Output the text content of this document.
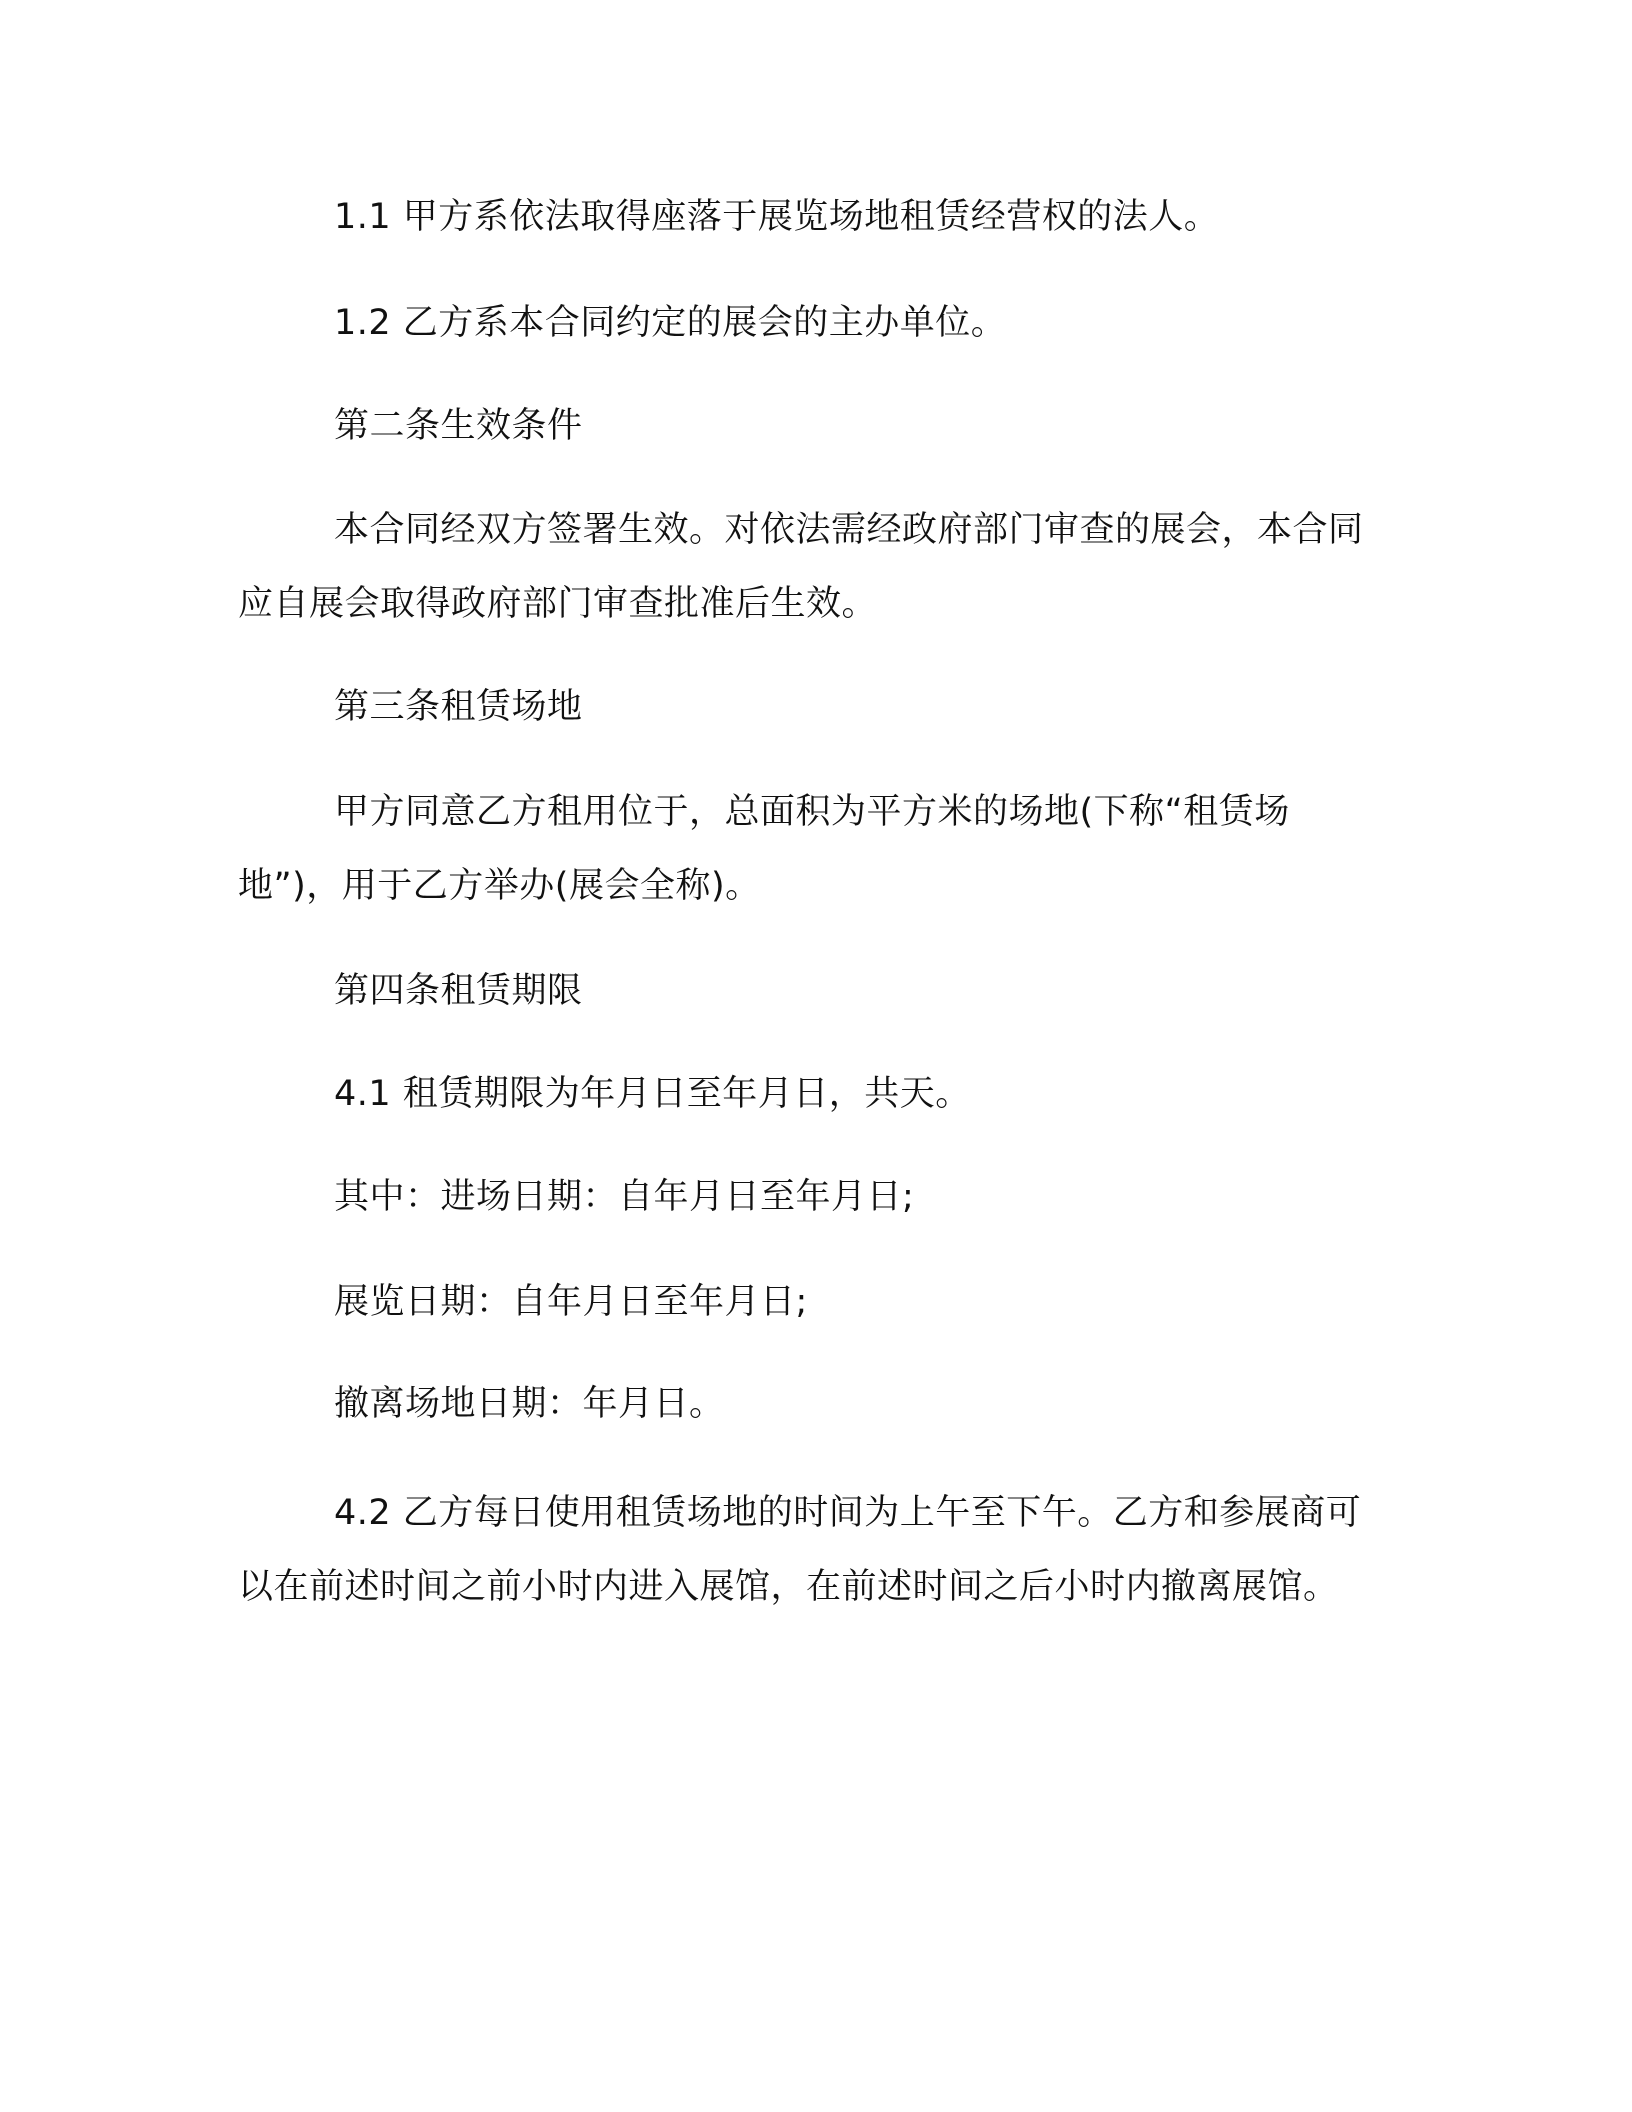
1.1 甲方系依法取得座落于展览场地租赁经营权的法人。

1.2 乙方系本合同约定的展会的主办单位。

第二条生效条件

本合同经双方签署生效。对依法需经政府部门审查的展会，本合同应自展会取得政府部门审查批准后生效。

第三条租赁场地

甲方同意乙方租用位于，总面积为平方米的场地(下称“租赁场地”)，用于乙方举办(展会全称)。

第四条租赁期限

4.1 租赁期限为年月日至年月日，共天。

其中：进场日期：自年月日至年月日;

展览日期：自年月日至年月日;

撤离场地日期：年月日。

4.2 乙方每日使用租赁场地的时间为上午至下午。乙方和参展商可以在前述时间之前小时内进入展馆，在前述时间之后小时内撤离展馆。
